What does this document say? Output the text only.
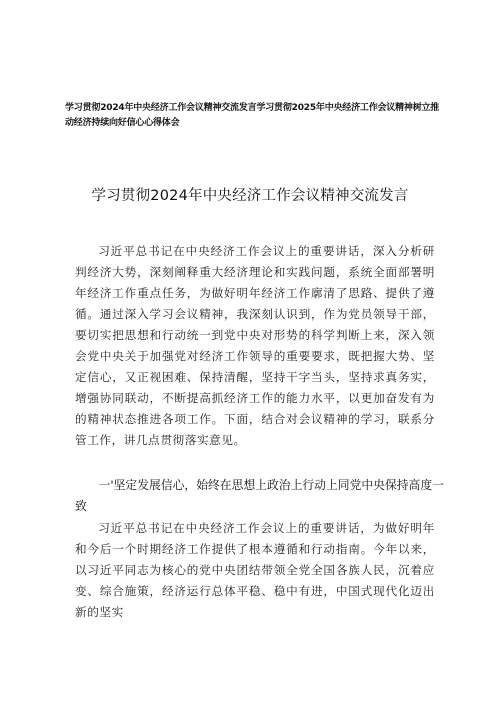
学习贯彻2024年中央经济工作会议精神交流发言学习贯彻2025年中央经济工作会议精神树立推动经济持续向好信心心得体会
学习贯彻2024年中央经济工作会议精神交流发言

习近平总书记在中央经济工作会议上的重要讲话，深入分析研判经济大势，深刻阐释重大经济理论和实践问题，系统全面部署明年经济工作重点任务，为做好明年经济工作廓清了思路、提供了遵循。通过深入学习会议精神，我深刻认识到，作为党员领导干部，要切实把思想和行动统一到党中央对形势的科学判断上来，深入领会党中央关于加强党对经济工作领导的重要要求，既把握大势、坚定信心，又正视困难、保持清醒，坚持干字当头，坚持求真务实，增强协同联动，不断提高抓经济工作的能力水平，以更加奋发有为的精神状态推进各项工作。下面，结合对会议精神的学习，联系分管工作，讲几点贯彻落实意见。

一'坚定发展信心，始终在思想上政治上行动上同党中央保持高度一致

习近平总书记在中央经济工作会议上的重要讲话，为做好明年和今后一个时期经济工作提供了根本遵循和行动指南。今年以来，以习近平同志为核心的党中央团结带领全党全国各族人民，沉着应变、综合施策，经济运行总体平稳、稳中有进，中国式现代化迈出新的坚实
